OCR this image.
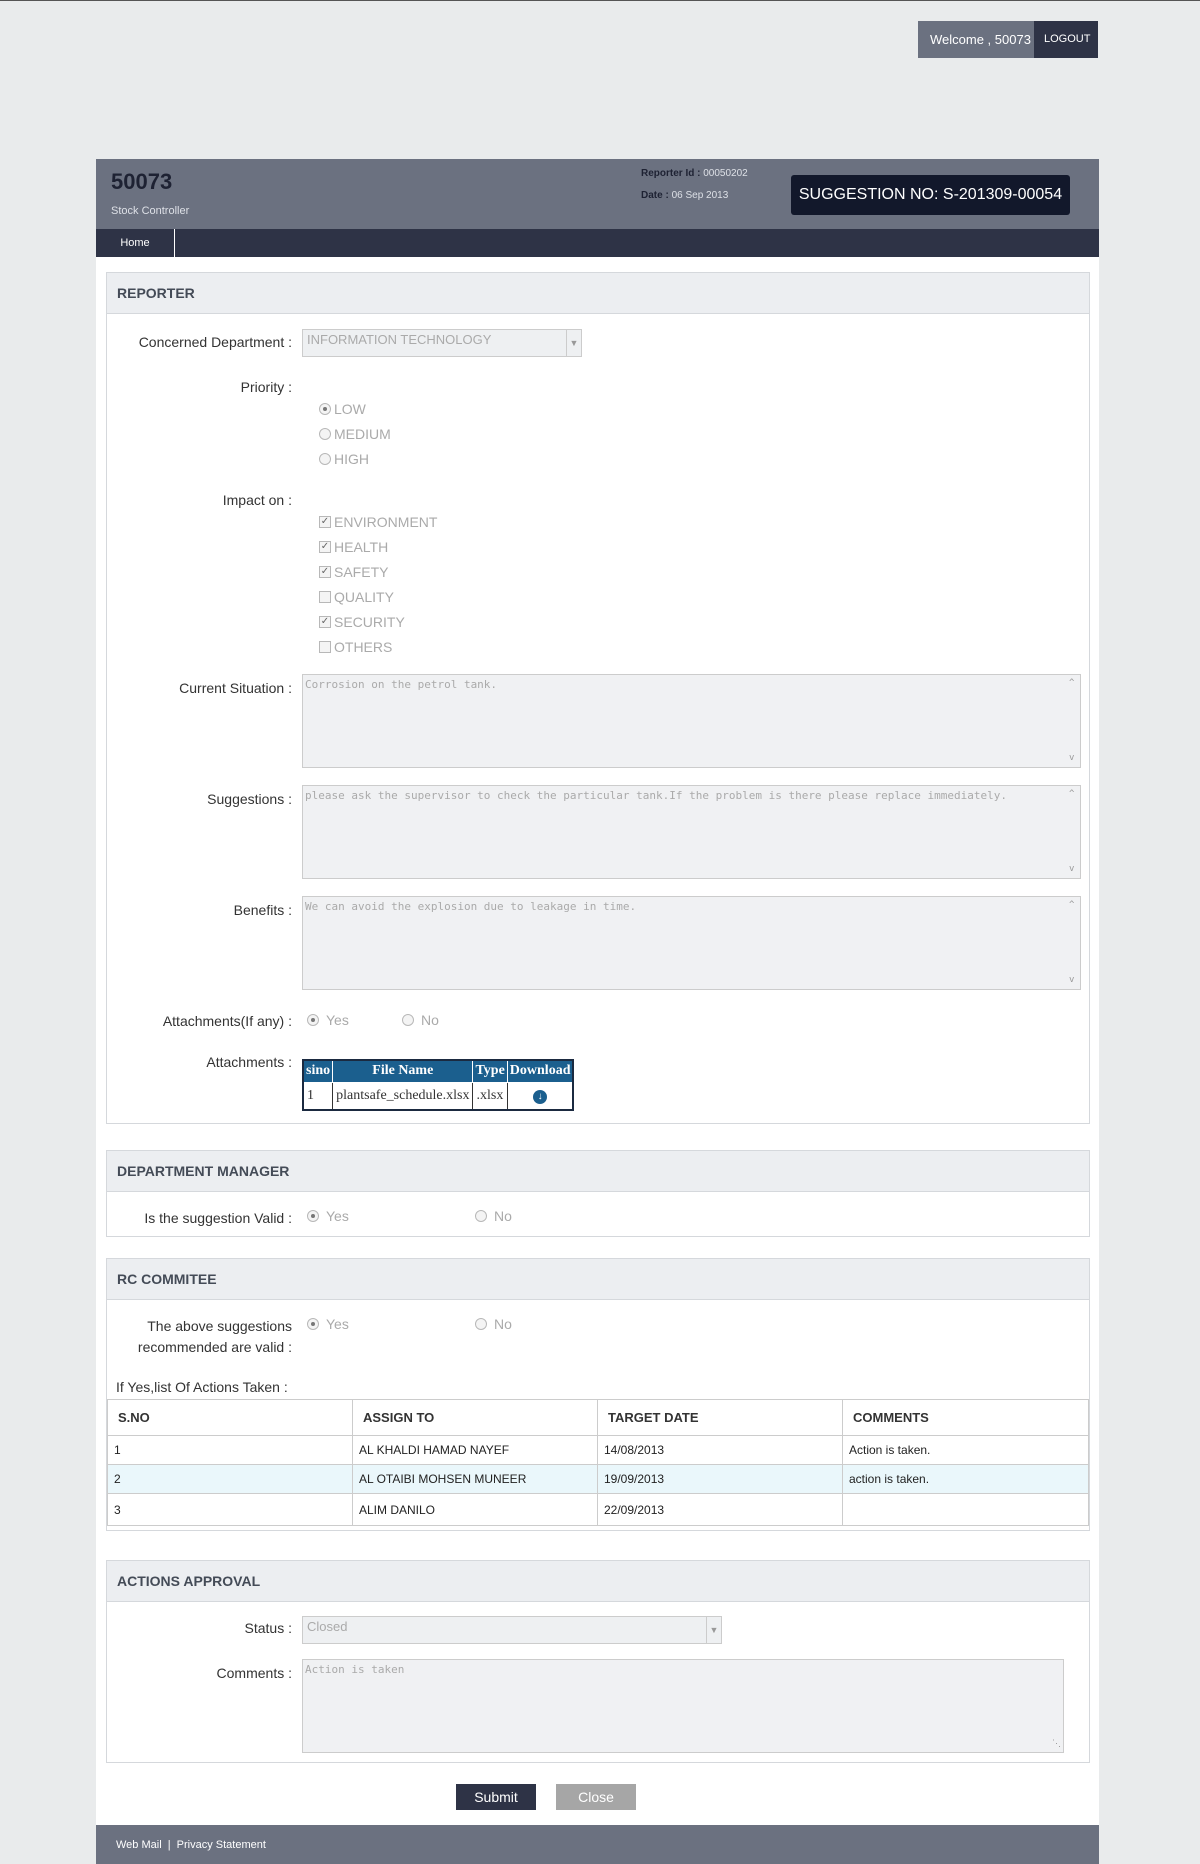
Welcome , 50073	LOGOUT
50073
Stock Controller
Reporter Id : 00050202
Date : 06 Sep 2013	SUGGESTION NO: S-201309-00054
Home
REPORTER
Concerned Department :	INFORMATION TECHNOLOGY	▼
Priority :
LOW
MEDIUM
HIGH
Impact on :
✓ ENVIRONMENT
✓ HEALTH
✓ SAFETY
QUALITY
✓ SECURITY
OTHERS
Current Situation : Corrosion on the petrol tank.	^
v
Suggestions : please ask the supervisor to check the particular tank.If the problem is there please replace immediately.	^
v
Benefits : We can avoid the explosion due to leakage in time.	^
v
Attachments(If any) : Yes	No
Attachments :
sino	File Name	Type	Download
1	plantsafe_schedule.xlsx	.xlsx	↓
DEPARTMENT MANAGER
Is the suggestion Valid : Yes	No
RC COMMITEE
The above suggestions
recommended are valid :
Yes	No
If Yes,list Of Actions Taken :
S.NO	ASSIGN TO	TARGET DATE	COMMENTS
1	AL KHALDI HAMAD NAYEF	14/08/2013	Action is taken.
2	AL OTAIBI MOHSEN MUNEER	19/09/2013	action is taken.
3	ALIM DANILO	22/09/2013	
ACTIONS APPROVAL
Status :	Closed	▼
Comments : Action is taken
⋱
Submit	Close
Web Mail | Privacy Statement
